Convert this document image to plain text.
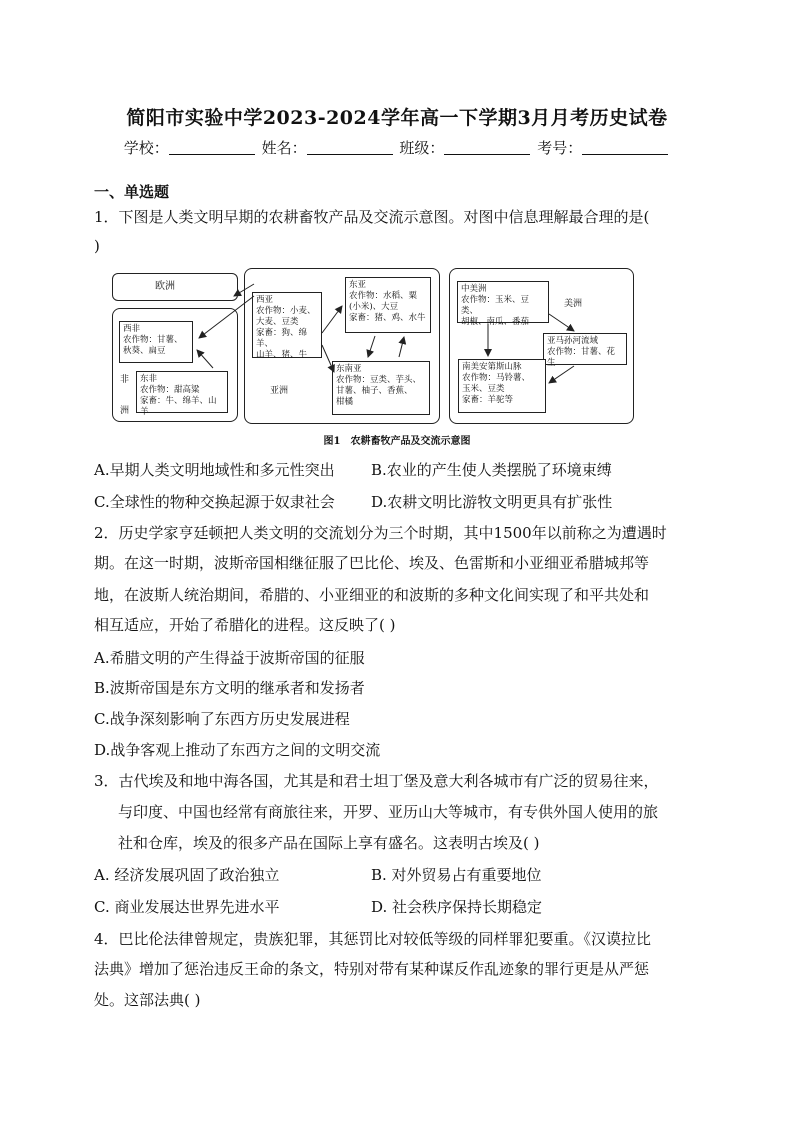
简阳市实验中学2023-2024学年高一下学期3月月考历史试卷
学校：	姓名：	班级：	考号：
一、单选题
1．下图是人类文明早期的农耕畜牧产品及交流示意图。对图中信息理解最合理的是(
)
欧洲
西非
农作物：甘薯、
秋葵、扁豆
非
洲
东非
农作物：甜高粱
家畜：牛、绵羊、山羊
西亚
农作物：小麦、
大麦、豆类
家畜：狗、绵羊、
山羊、猪、牛
东亚
农作物：水稻、粟
(小米)、大豆
家畜：猪、鸡、水牛
亚洲
东南亚
农作物：豆类、芋头、
甘薯、柚子、香蕉、
柑橘
中美洲
农作物：玉米、豆类、
胡椒、南瓜、番茄
美洲
亚马孙河流域
农作物：甘薯、花生
南美安第斯山脉
农作物：马铃薯、
玉米、豆类
家畜：羊驼等
图1　农耕畜牧产品及交流示意图
A.早期人类文明地域性和多元性突出 B.农业的产生使人类摆脱了环境束缚
C.全球性的物种交换起源于奴隶社会 D.农耕文明比游牧文明更具有扩张性
2．历史学家亨廷顿把人类文明的交流划分为三个时期，其中1500年以前称之为遭遇时
期。在这一时期，波斯帝国相继征服了巴比伦、埃及、色雷斯和小亚细亚希腊城邦等
地，在波斯人统治期间，希腊的、小亚细亚的和波斯的多种文化间实现了和平共处和
相互适应，开始了希腊化的进程。这反映了( )
A.希腊文明的产生得益于波斯帝国的征服
B.波斯帝国是东方文明的继承者和发扬者
C.战争深刻影响了东西方历史发展进程
D.战争客观上推动了东西方之间的文明交流
3．古代埃及和地中海各国，尤其是和君士坦丁堡及意大利各城市有广泛的贸易往来，
与印度、中国也经常有商旅往来，开罗、亚历山大等城市，有专供外国人使用的旅
社和仓库，埃及的很多产品在国际上享有盛名。这表明古埃及( )
A. 经济发展巩固了政治独立	B. 对外贸易占有重要地位
C. 商业发展达世界先进水平	D. 社会秩序保持长期稳定
4．巴比伦法律曾规定，贵族犯罪，其惩罚比对较低等级的同样罪犯要重。《汉谟拉比
法典》增加了惩治违反王命的条文，特别对带有某种谋反作乱迹象的罪行更是从严惩
处。这部法典( )
